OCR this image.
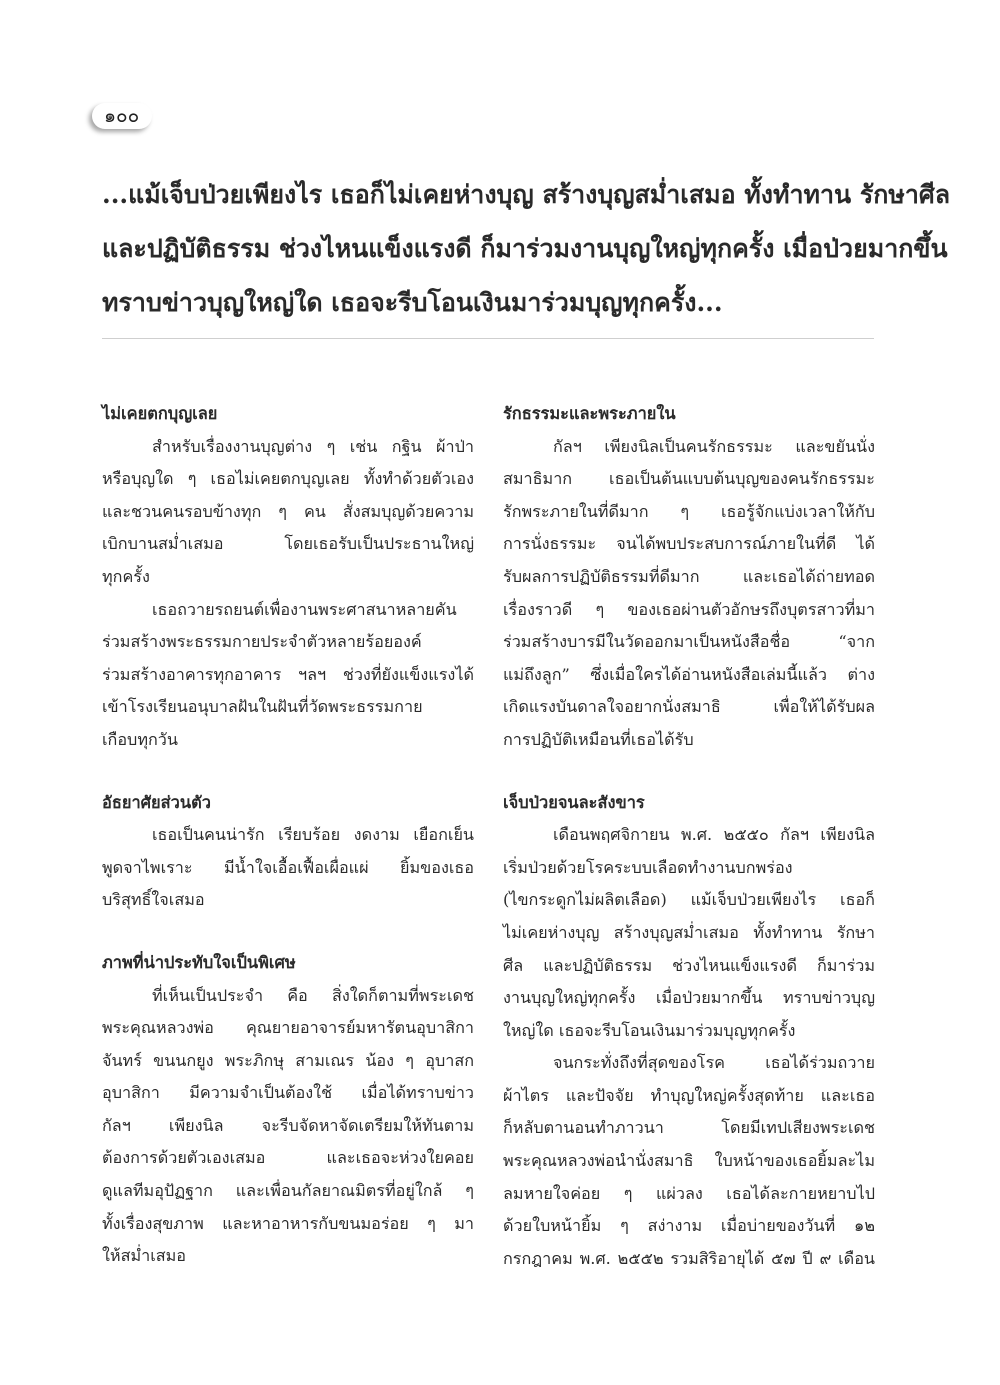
๑๐๐

...แม้เจ็บป่วยเพียงไร เธอก็ไม่เคยห่างบุญ สร้างบุญสม่ำเสมอ ทั้งทำทาน รักษาศีล

และปฏิบัติธรรม ช่วงไหนแข็งแรงดี ก็มาร่วมงานบุญใหญ่ทุกครั้ง เมื่อป่วยมากขึ้น

ทราบข่าวบุญใหญ่ใด เธอจะรีบโอนเงินมาร่วมบุญทุกครั้ง...

ไม่เคยตกบุญเลย
สำหรับเรื่องงานบุญต่าง ๆ เช่น กฐิน ผ้าป่า
หรือบุญใด ๆ เธอไม่เคยตกบุญเลย ทั้งทำด้วยตัวเอง
และชวนคนรอบข้างทุก ๆ คน สั่งสมบุญด้วยความ
เบิกบานสม่ำเสมอ โดยเธอรับเป็นประธานใหญ่
ทุกครั้ง
เธอถวายรถยนต์เพื่องานพระศาสนาหลายคัน
ร่วมสร้างพระธรรมกายประจำตัวหลายร้อยองค์
ร่วมสร้างอาคารทุกอาคาร ฯลฯ ช่วงที่ยังแข็งแรงได้
เข้าโรงเรียนอนุบาลฝันในฝันที่วัดพระธรรมกาย
เกือบทุกวัน
อัธยาศัยส่วนตัว
เธอเป็นคนน่ารัก เรียบร้อย งดงาม เยือกเย็น
พูดจาไพเราะ มีน้ำใจเอื้อเฟื้อเผื่อแผ่ ยิ้มของเธอ
บริสุทธิ์ใจเสมอ
ภาพที่น่าประทับใจเป็นพิเศษ
ที่เห็นเป็นประจำ คือ สิ่งใดก็ตามที่พระเดช
พระคุณหลวงพ่อ คุณยายอาจารย์มหารัตนอุบาสิกา
จันทร์ ขนนกยูง พระภิกษุ สามเณร น้อง ๆ อุบาสก
อุบาสิกา มีความจำเป็นต้องใช้ เมื่อได้ทราบข่าว
กัลฯ เพียงนิล จะรีบจัดหาจัดเตรียมให้ทันตาม
ต้องการด้วยตัวเองเสมอ และเธอจะห่วงใยคอย
ดูแลทีมอุปัฏฐาก และเพื่อนกัลยาณมิตรที่อยู่ใกล้ ๆ
ทั้งเรื่องสุขภาพ และหาอาหารกับขนมอร่อย ๆ มา
ให้สม่ำเสมอ
รักธรรมะและพระภายใน
กัลฯ เพียงนิลเป็นคนรักธรรมะ และขยันนั่ง
สมาธิมาก เธอเป็นต้นแบบต้นบุญของคนรักธรรมะ
รักพระภายในที่ดีมาก ๆ เธอรู้จักแบ่งเวลาให้กับ
การนั่งธรรมะ จนได้พบประสบการณ์ภายในที่ดี ได้
รับผลการปฏิบัติธรรมที่ดีมาก และเธอได้ถ่ายทอด
เรื่องราวดี ๆ ของเธอผ่านตัวอักษรถึงบุตรสาวที่มา
ร่วมสร้างบารมีในวัดออกมาเป็นหนังสือชื่อ “จาก
แม่ถึงลูก” ซึ่งเมื่อใครได้อ่านหนังสือเล่มนี้แล้ว ต่าง
เกิดแรงบันดาลใจอยากนั่งสมาธิ เพื่อให้ได้รับผล
การปฏิบัติเหมือนที่เธอได้รับ
เจ็บป่วยจนละสังขาร
เดือนพฤศจิกายน พ.ศ. ๒๕๕๐ กัลฯ เพียงนิล
เริ่มป่วยด้วยโรคระบบเลือดทำงานบกพร่อง
(ไขกระดูกไม่ผลิตเลือด) แม้เจ็บป่วยเพียงไร เธอก็
ไม่เคยห่างบุญ สร้างบุญสม่ำเสมอ ทั้งทำทาน รักษา
ศีล และปฏิบัติธรรม ช่วงไหนแข็งแรงดี ก็มาร่วม
งานบุญใหญ่ทุกครั้ง เมื่อป่วยมากขึ้น ทราบข่าวบุญ
ใหญ่ใด เธอจะรีบโอนเงินมาร่วมบุญทุกครั้ง
จนกระทั่งถึงที่สุดของโรค เธอได้ร่วมถวาย
ผ้าไตร และปัจจัย ทำบุญใหญ่ครั้งสุดท้าย และเธอ
ก็หลับตานอนทำภาวนา โดยมีเทปเสียงพระเดช
พระคุณหลวงพ่อนำนั่งสมาธิ ใบหน้าของเธอยิ้มละไม
ลมหายใจค่อย ๆ แผ่วลง เธอได้ละกายหยาบไป
ด้วยใบหน้ายิ้ม ๆ สง่างาม เมื่อบ่ายของวันที่ ๑๒
กรกฎาคม พ.ศ. ๒๕๕๒ รวมสิริอายุได้ ๕๗ ปี ๙ เดือน
